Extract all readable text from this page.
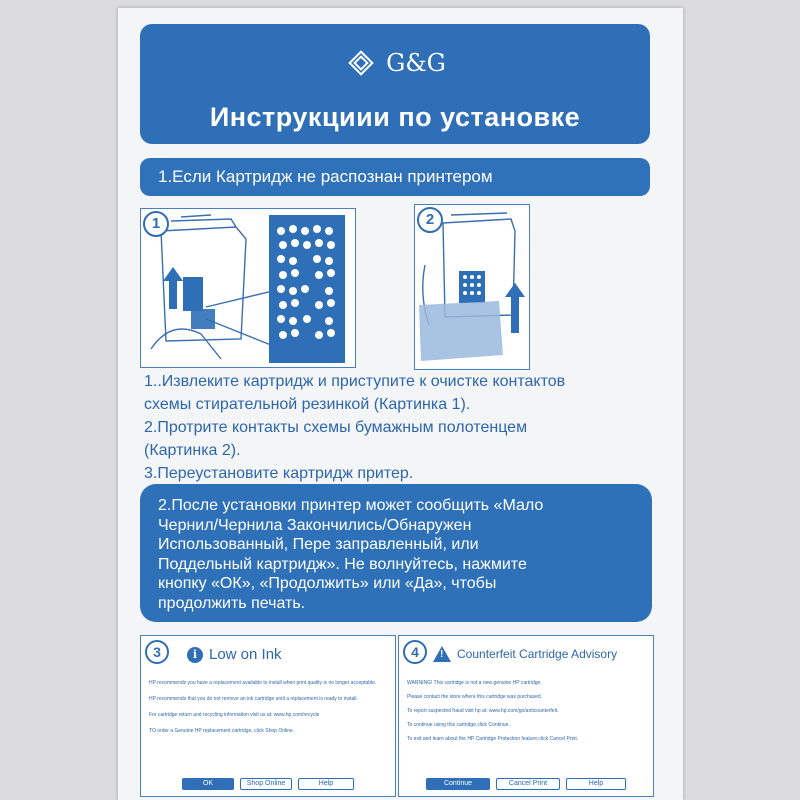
G&G
Инструкциии по установке
1.Если Картридж не распознан принтером
1	2
1..Извлеките картридж и приступите к очистке контактов
схемы стирательной резинкой (Картинка 1).
2.Протрите контакты схемы бумажным полотенцем
(Картинка 2).
3.Переустановите картридж притер.
2.После установки принтер может сообщить «Мало
Чернил/Чернила Закончились/Обнаружен
Использованный, Пере заправленный, или
Поддельный картридж». Не волнуйтесь, нажмите
кнопку «ОК», «Продолжить» или «Да», чтобы
продолжить печать.
3	i Low on Ink

HP recommends you have a replacement available to install when print quality is no longer acceptable.

HP recommends that you do not remove an ink cartridge until a replacement is ready to install.

For cartridge return and recycling information visit us at: www.hp.com/recycle

TO order a Genuine HP replacement cartridge, click Shop Online.

OK	Shop Online	Help
4	! Counterfeit Cartridge Advisory

WARNING! This cartridge is not a new genuine HP cartridge.

Please contact the store where this cartridge was purchased.

To report suspected fraud visit hp at: www.hp.com/go/anticounterfeit.

To continue using this cartridge,click Continue.

To exit and learn about the HP Cartridge Protection feature,click Cancel Print.

Continue	Cancel Print	Help
